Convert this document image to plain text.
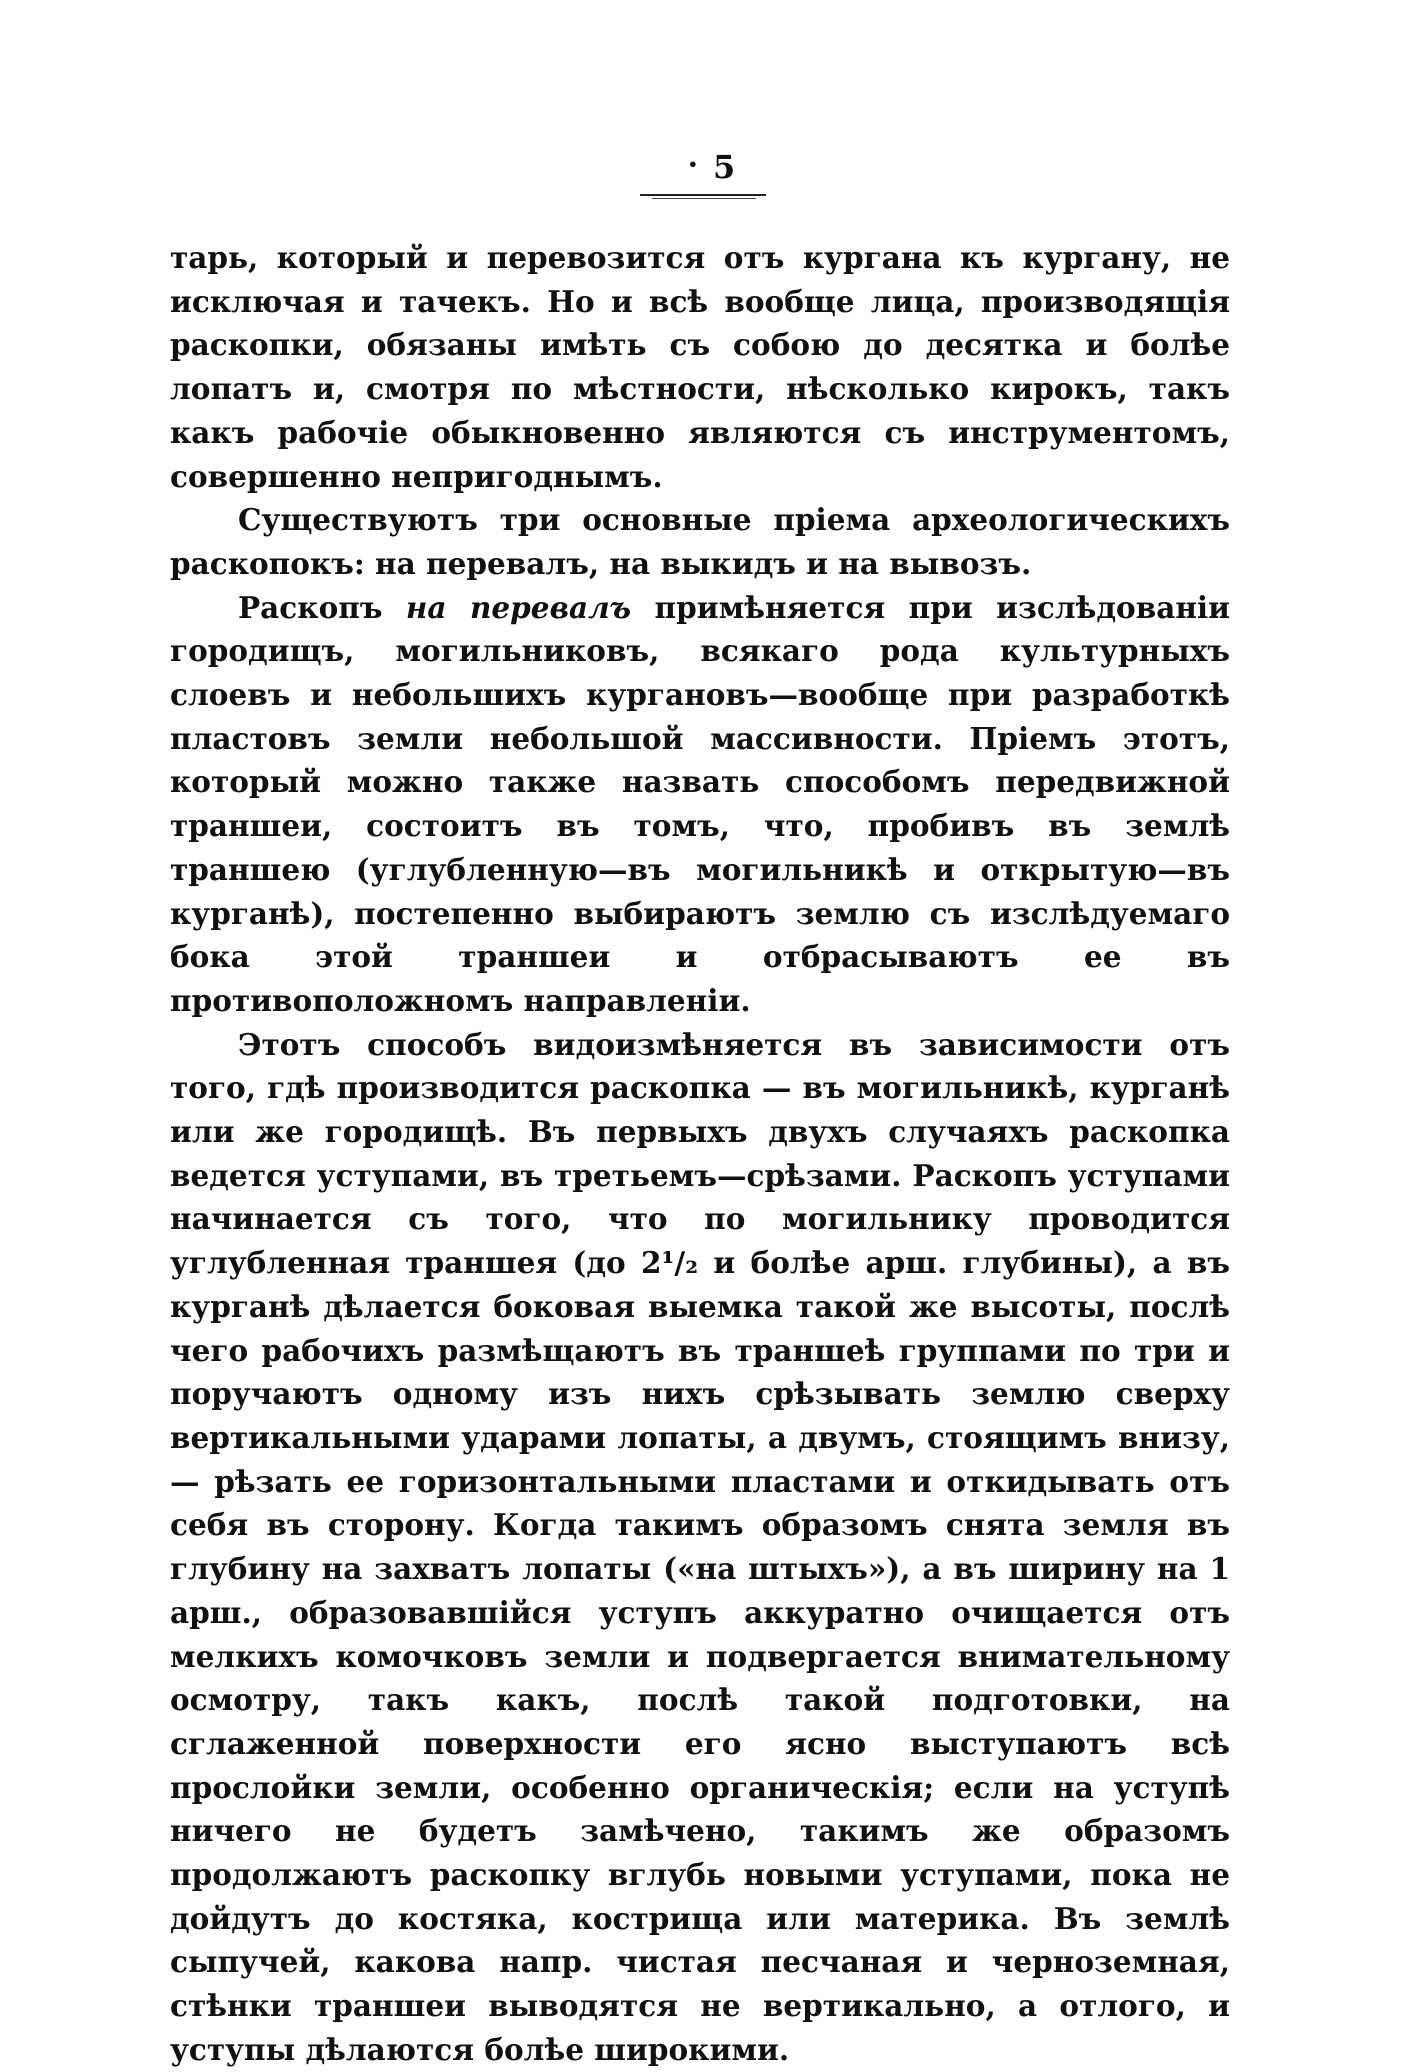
• 5

тарь, который и перевозится отъ кургана къ кургану, не исключая и тачекъ. Но и всѣ вообще лица, производящія раскопки, обязаны имѣть съ собою до десятка и болѣе лопатъ и, смотря по мѣстности, нѣсколько кирокъ, такъ какъ рабочіе обыкновенно являются съ инструментомъ, совершенно непригоднымъ.

Существуютъ три основные пріема археологическихъ раскопокъ: на перевалъ, на выкидъ и на вывозъ.

Раскопъ на перевалъ примѣняется при изслѣдованіи городищъ, могильниковъ, всякаго рода культурныхъ слоевъ и небольшихъ кургановъ—вообще при разработкѣ пластовъ земли небольшой массивности. Пріемъ этотъ, который можно также назвать способомъ передвижной траншеи, состоитъ въ томъ, что, пробивъ въ землѣ траншею (углубленную—въ могильникѣ и открытую—въ курганѣ), постепенно выбираютъ землю съ изслѣдуемаго бока этой траншеи и отбрасываютъ ее въ противоположномъ направленіи.

Этотъ способъ видоизмѣняется въ зависимости отъ того, гдѣ производится раскопка — въ могильникѣ, курганѣ или же городищѣ. Въ первыхъ двухъ случаяхъ раскопка ведется уступами, въ третьемъ—срѣзами. Раскопъ уступами начинается съ того, что по могильнику проводится углубленная траншея (до 2¹/₂ и болѣе арш. глубины), а въ курганѣ дѣлается боковая выемка такой же высоты, послѣ чего рабочихъ размѣщаютъ въ траншеѣ группами по три и поручаютъ одному изъ нихъ срѣзывать землю сверху вертикальными ударами лопаты, а двумъ, стоящимъ внизу, — рѣзать ее горизонтальными пластами и откидывать отъ себя въ сторону. Когда такимъ образомъ снята земля въ глубину на захватъ лопаты («на штыхъ»), а въ ширину на 1 арш., образовавшійся уступъ аккуратно очищается отъ мелкихъ комочковъ земли и подвергается внимательному осмотру, такъ какъ, послѣ такой подготовки, на сглаженной поверхности его ясно выступаютъ всѣ прослойки земли, особенно органическія; если на уступѣ ничего не будетъ замѣчено, такимъ же образомъ продолжаютъ раскопку вглубь новыми уступами, пока не дойдутъ до костяка, кострища или материка. Въ землѣ сыпучей, какова напр. чистая песчаная и черноземная, стѣнки траншеи выводятся не вертикально, а отлого, и уступы дѣлаются болѣе широкими.
